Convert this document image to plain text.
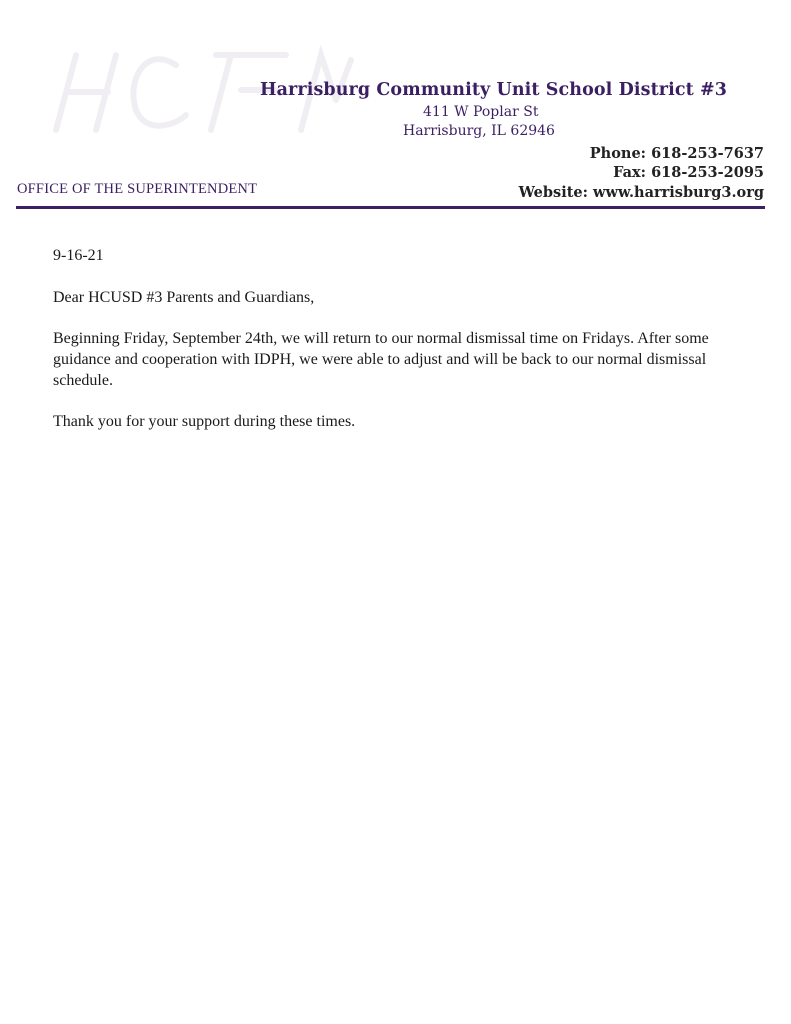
Harrisburg Community Unit School District #3
411 W Poplar St
Harrisburg, IL 62946
Phone: 618-253-7637
Fax: 618-253-2095
Website: www.harrisburg3.org
OFFICE OF THE SUPERINTENDENT

9-16-21

Dear HCUSD #3 Parents and Guardians,

Beginning Friday, September 24th, we will return to our normal dismissal time on Fridays. After some guidance and cooperation with IDPH, we were able to adjust and will be back to our normal dismissal schedule.

Thank you for your support during these times.
